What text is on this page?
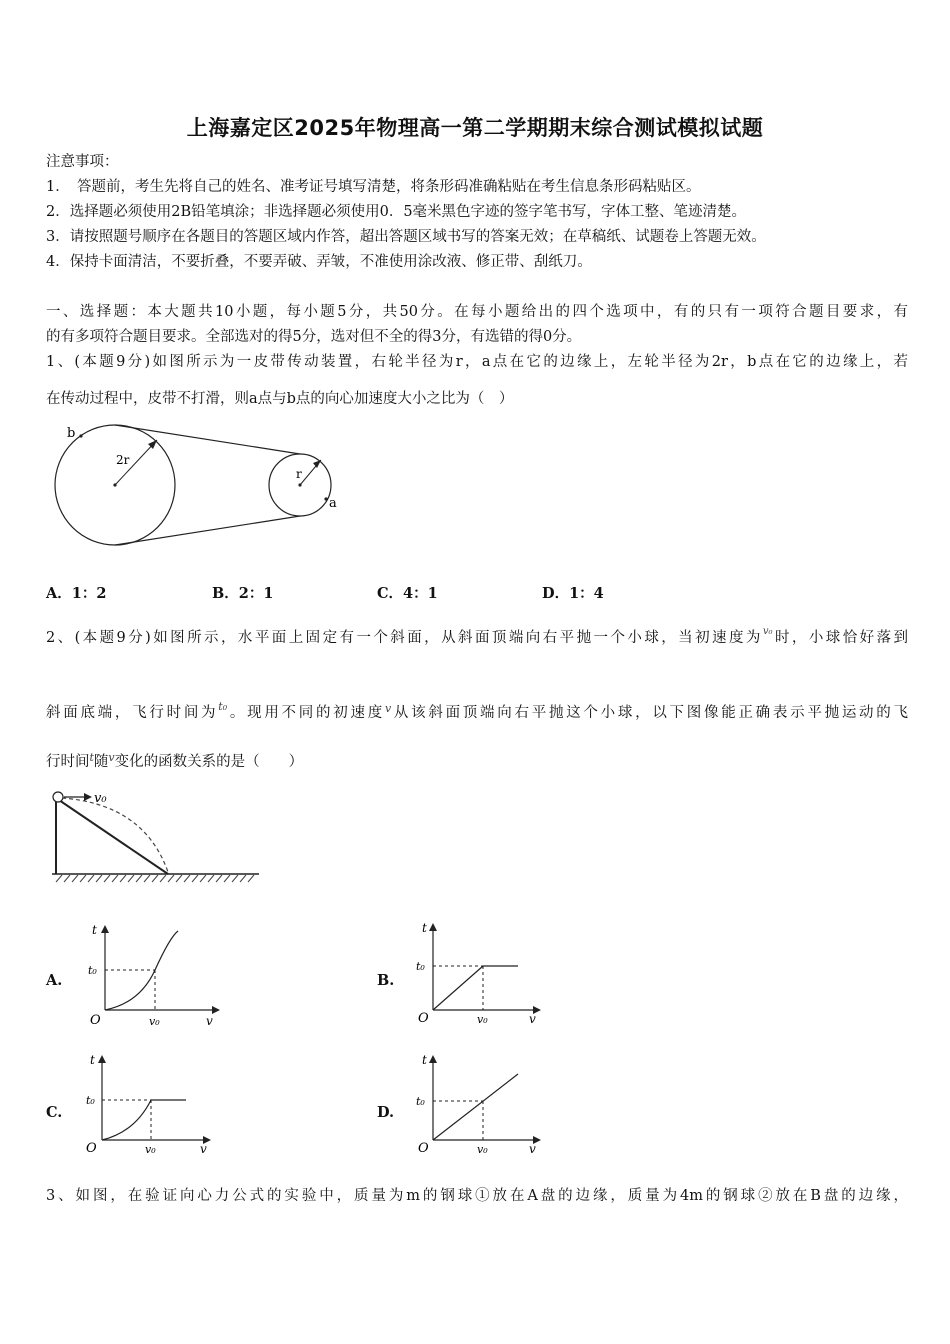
上海嘉定区2025年物理高一第二学期期末综合测试模拟试题
注意事项：
1．　答题前，考生先将自己的姓名、准考证号填写清楚，将条形码准确粘贴在考生信息条形码粘贴区。
2．选择题必须使用2B铅笔填涂；非选择题必须使用0．5毫米黑色字迹的签字笔书写，字体工整、笔迹清楚。
3．请按照题号顺序在各题目的答题区域内作答，超出答题区域书写的答案无效；在草稿纸、试题卷上答题无效。
4．保持卡面清洁，不要折叠，不要弄破、弄皱，不准使用涂改液、修正带、刮纸刀。
一、选择题：本大题共10小题，每小题5分，共50分。在每小题给出的四个选项中，有的只有一项符合题目要求，有
的有多项符合题目要求。全部选对的得5分，选对但不全的得3分，有选错的得0分。
1、(本题9分)如图所示为一皮带传动装置，右轮半径为r，a点在它的边缘上，左轮半径为2r，b点在它的边缘上，若
在传动过程中，皮带不打滑，则a点与b点的向心加速度大小之比为（　）
b
2r
r
a
A．1：2	B．2：1	C．4：1	D．1：4
2、(本题9分)如图所示，水平面上固定有一个斜面，从斜面顶端向右平抛一个小球，当初速度为$^{v_0}$时，小球恰好落到
斜面底端，飞行时间为$^{t_0}$。现用不同的初速度$^v$从该斜面顶端向右平抛这个小球，以下图像能正确表示平抛运动的飞
行时间$^t$随$^v$变化的函数关系的是（　　）
v₀
A.
t
t₀
O	v₀	v
B.
t
t₀
O	v₀	v
C.
t
t₀
O	v₀	v
D.
t
t₀
O	v₀	v
3、如图，在验证向心力公式的实验中，质量为m的钢球①放在A盘的边缘，质量为4m的钢球②放在B盘的边缘，
